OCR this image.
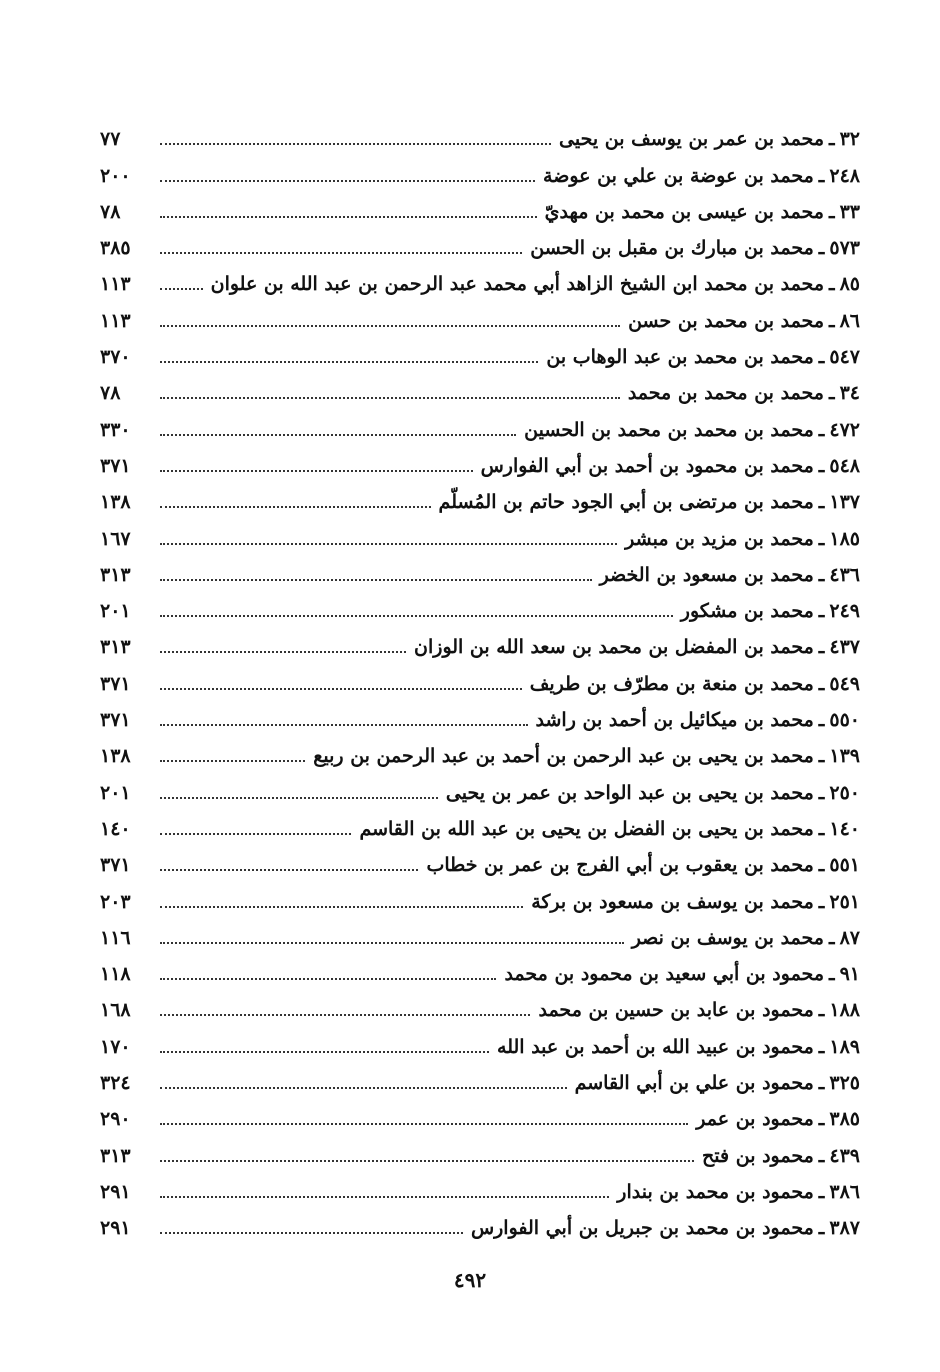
٣٢
ـ
محمد بن عمر بن يوسف بن يحيى
٧٧
٢٤٨
ـ
محمد بن عوضة بن علي بن عوضة
٢٠٠
٣٣
ـ
محمد بن عيسى بن محمد بن مهديّ
٧٨
٥٧٣
ـ
محمد بن مبارك بن مقبل بن الحسن
٣٨٥
٨٥
ـ
محمد بن محمد ابن الشيخ الزاهد أبي محمد عبد الرحمن بن عبد الله بن علوان
١١٣
٨٦
ـ
محمد بن محمد بن حسن
١١٣
٥٤٧
ـ
محمد بن محمد بن عبد الوهاب بن
٣٧٠
٣٤
ـ
محمد بن محمد بن محمد
٧٨
٤٧٢
ـ
محمد بن محمد بن محمد بن الحسين
٣٣٠
٥٤٨
ـ
محمد بن محمود بن أحمد بن أبي الفوارس
٣٧١
١٣٧
ـ
محمد بن مرتضى بن أبي الجود حاتم بن المُسلّم
١٣٨
١٨٥
ـ
محمد بن مزيد بن مبشر
١٦٧
٤٣٦
ـ
محمد بن مسعود بن الخضر
٣١٣
٢٤٩
ـ
محمد بن مشكور
٢٠١
٤٣٧
ـ
محمد بن المفضل بن محمد بن سعد الله بن الوزان
٣١٣
٥٤٩
ـ
محمد بن منعة بن مطرّف بن طريف
٣٧١
٥٥٠
ـ
محمد بن ميكائيل بن أحمد بن راشد
٣٧١
١٣٩
ـ
محمد بن يحيى بن عبد الرحمن بن أحمد بن عبد الرحمن بن ربيع
١٣٨
٢٥٠
ـ
محمد بن يحيى بن عبد الواحد بن عمر بن يحيى
٢٠١
١٤٠
ـ
محمد بن يحيى بن الفضل بن يحيى بن عبد الله بن القاسم
١٤٠
٥٥١
ـ
محمد بن يعقوب بن أبي الفرج بن عمر بن خطاب
٣٧١
٢٥١
ـ
محمد بن يوسف بن مسعود بن بركة
٢٠٣
٨٧
ـ
محمد بن يوسف بن نصر
١١٦
٩١
ـ
محمود بن أبي سعيد بن محمود بن محمد
١١٨
١٨٨
ـ
محمود بن عابد بن حسين بن محمد
١٦٨
١٨٩
ـ
محمود بن عبيد الله بن أحمد بن عبد الله
١٧٠
٣٢٥
ـ
محمود بن علي بن أبي القاسم
٣٢٤
٣٨٥
ـ
محمود بن عمر
٢٩٠
٤٣٩
ـ
محمود بن فتح
٣١٣
٣٨٦
ـ
محمود بن محمد بن بندار
٢٩١
٣٨٧
ـ
محمود بن محمد بن جبريل بن أبي الفوارس
٢٩١
٤٩٢
